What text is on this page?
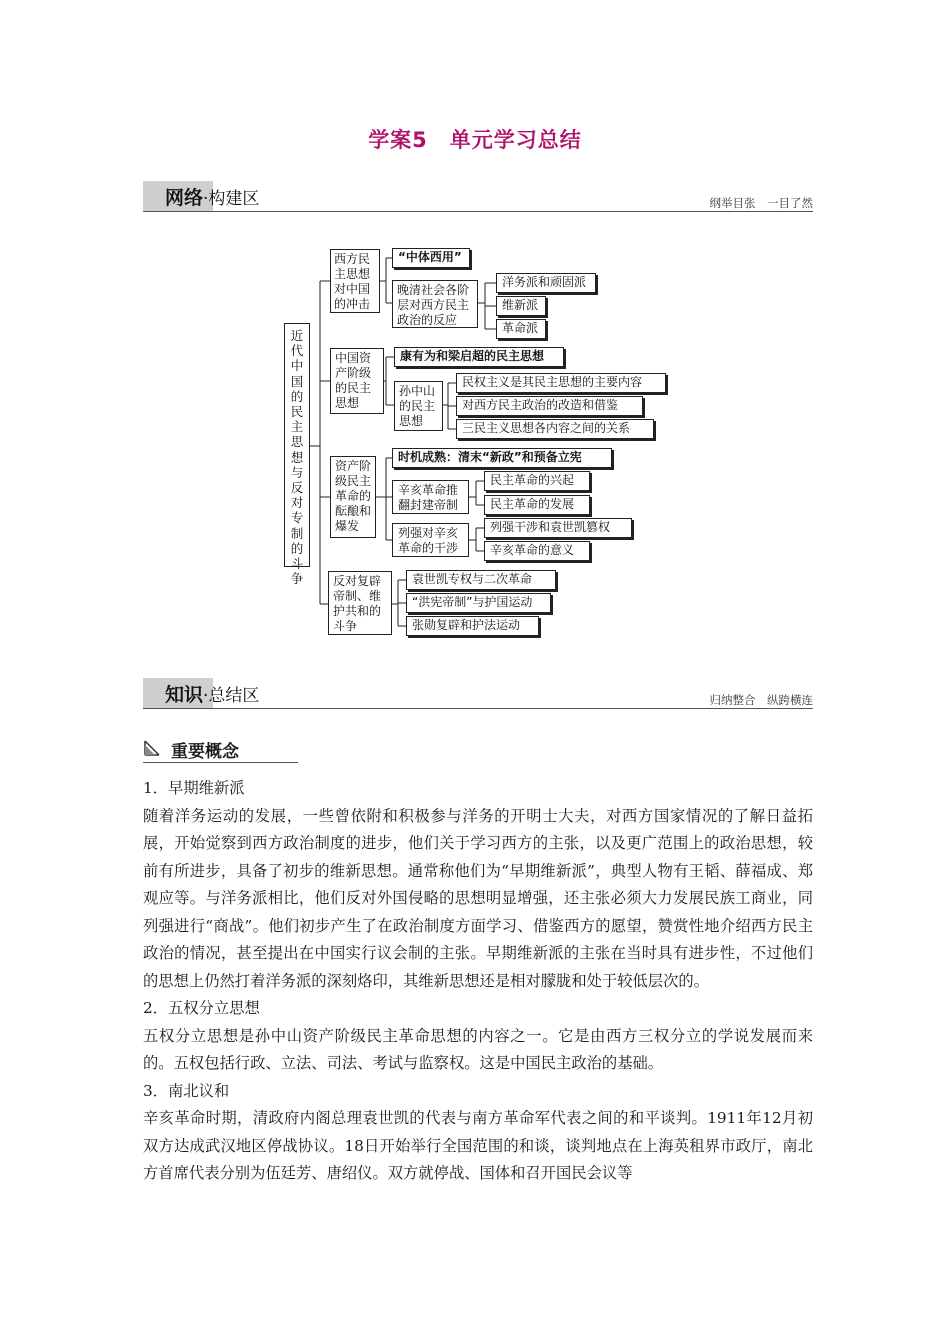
学案5　单元学习总结
网络·构建区	纲举目张　一目了然
近代中国的民主思想与反对专制的斗争
西方民主思想对中国的冲击
“中体西用”
晚清社会各阶层对西方民主政治的反应
洋务派和顽固派
维新派
革命派
中国资产阶级的民主思想
康有为和梁启超的民主思想
孙中山的民主思想
民权主义是其民主思想的主要内容
对西方民主政治的改造和借鉴
三民主义思想各内容之间的关系
资产阶级民主革命的酝酿和爆发
时机成熟：清末“新政”和预备立宪
辛亥革命推翻封建帝制
民主革命的兴起
民主革命的发展
列强对辛亥革命的干涉
列强干涉和袁世凯篡权
辛亥革命的意义
反对复辟帝制、维护共和的斗争
袁世凯专权与二次革命
“洪宪帝制”与护国运动
张勋复辟和护法运动
知识·总结区	归纳整合　纵跨横连
重要概念
1．早期维新派

随着洋务运动的发展，一些曾依附和积极参与洋务的开明士大夫，对西方国家情况的了解日益拓展，开始觉察到西方政治制度的进步，他们关于学习西方的主张，以及更广范围上的政治思想，较前有所进步，具备了初步的维新思想。通常称他们为“早期维新派”，典型人物有王韬、薛福成、郑观应等。与洋务派相比，他们反对外国侵略的思想明显增强，还主张必须大力发展民族工商业，同列强进行“商战”。他们初步产生了在政治制度方面学习、借鉴西方的愿望，赞赏性地介绍西方民主政治的情况，甚至提出在中国实行议会制的主张。早期维新派的主张在当时具有进步性，不过他们的思想上仍然打着洋务派的深刻烙印，其维新思想还是相对朦胧和处于较低层次的。

2．五权分立思想

五权分立思想是孙中山资产阶级民主革命思想的内容之一。它是由西方三权分立的学说发展而来的。五权包括行政、立法、司法、考试与监察权。这是中国民主政治的基础。

3．南北议和

辛亥革命时期，清政府内阁总理袁世凯的代表与南方革命军代表之间的和平谈判。1911年12月初双方达成武汉地区停战协议。18日开始举行全国范围的和谈，谈判地点在上海英租界市政厅，南北方首席代表分别为伍廷芳、唐绍仪。双方就停战、国体和召开国民会议等
